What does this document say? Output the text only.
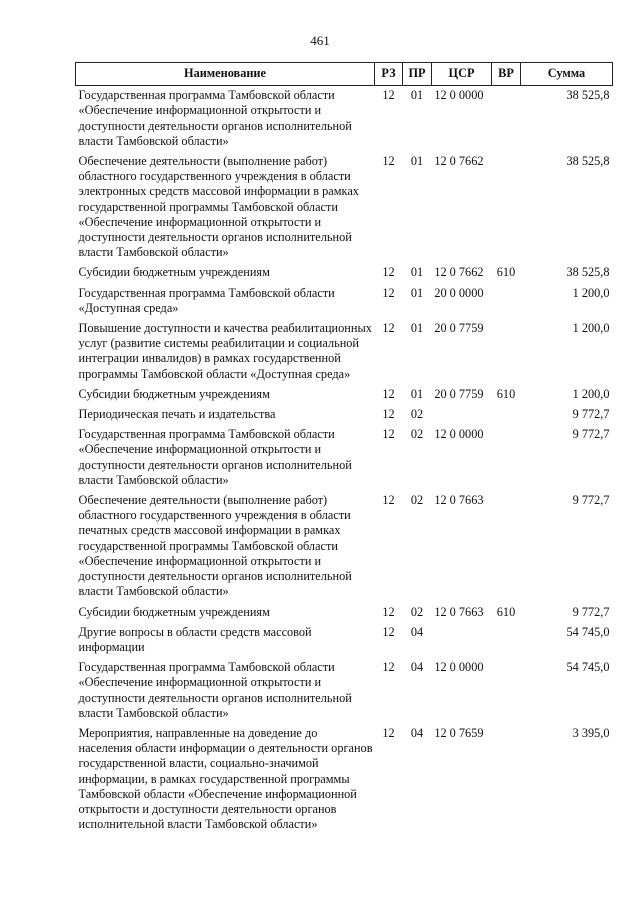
461
Наименование	РЗ	ПР	ЦСР	ВР	Сумма
Государственная программа Тамбовской области «Обеспечение информационной открытости и доступности деятельности органов исполнительной власти Тамбовской области»	12	01	12 0 0000		38 525,8
Обеспечение деятельности (выполнение работ) областного государственного учреждения в области электронных средств массовой информации в рамках государственной программы Тамбовской области «Обеспечение информационной открытости и доступности деятельности органов исполнительной власти Тамбовской области»	12	01	12 0 7662		38 525,8
Субсидии бюджетным учреждениям	12	01	12 0 7662	610	38 525,8
Государственная программа Тамбовской области «Доступная среда»	12	01	20 0 0000		1 200,0
Повышение доступности и качества реабилитационных услуг (развитие системы реабилитации и социальной интеграции инвалидов) в рамках государственной программы Тамбовской области «Доступная среда»	12	01	20 0 7759		1 200,0
Субсидии бюджетным учреждениям	12	01	20 0 7759	610	1 200,0
Периодическая печать и издательства	12	02			9 772,7
Государственная программа Тамбовской области «Обеспечение информационной открытости и доступности деятельности органов исполнительной власти Тамбовской области»	12	02	12 0 0000		9 772,7
Обеспечение деятельности (выполнение работ) областного государственного учреждения в области печатных средств массовой информации в рамках государственной программы Тамбовской области «Обеспечение информационной открытости и доступности деятельности органов исполнительной власти Тамбовской области»	12	02	12 0 7663		9 772,7
Субсидии бюджетным учреждениям	12	02	12 0 7663	610	9 772,7
Другие вопросы в области средств массовой информации	12	04			54 745,0
Государственная программа Тамбовской области «Обеспечение информационной открытости и доступности деятельности органов исполнительной власти Тамбовской области»	12	04	12 0 0000		54 745,0
Мероприятия, направленные на доведение до населения области информации о деятельности органов государственной власти, социально-значимой информации, в рамках государственной программы Тамбовской области «Обеспечение информационной открытости и доступности деятельности органов исполнительной власти Тамбовской области»	12	04	12 0 7659		3 395,0
